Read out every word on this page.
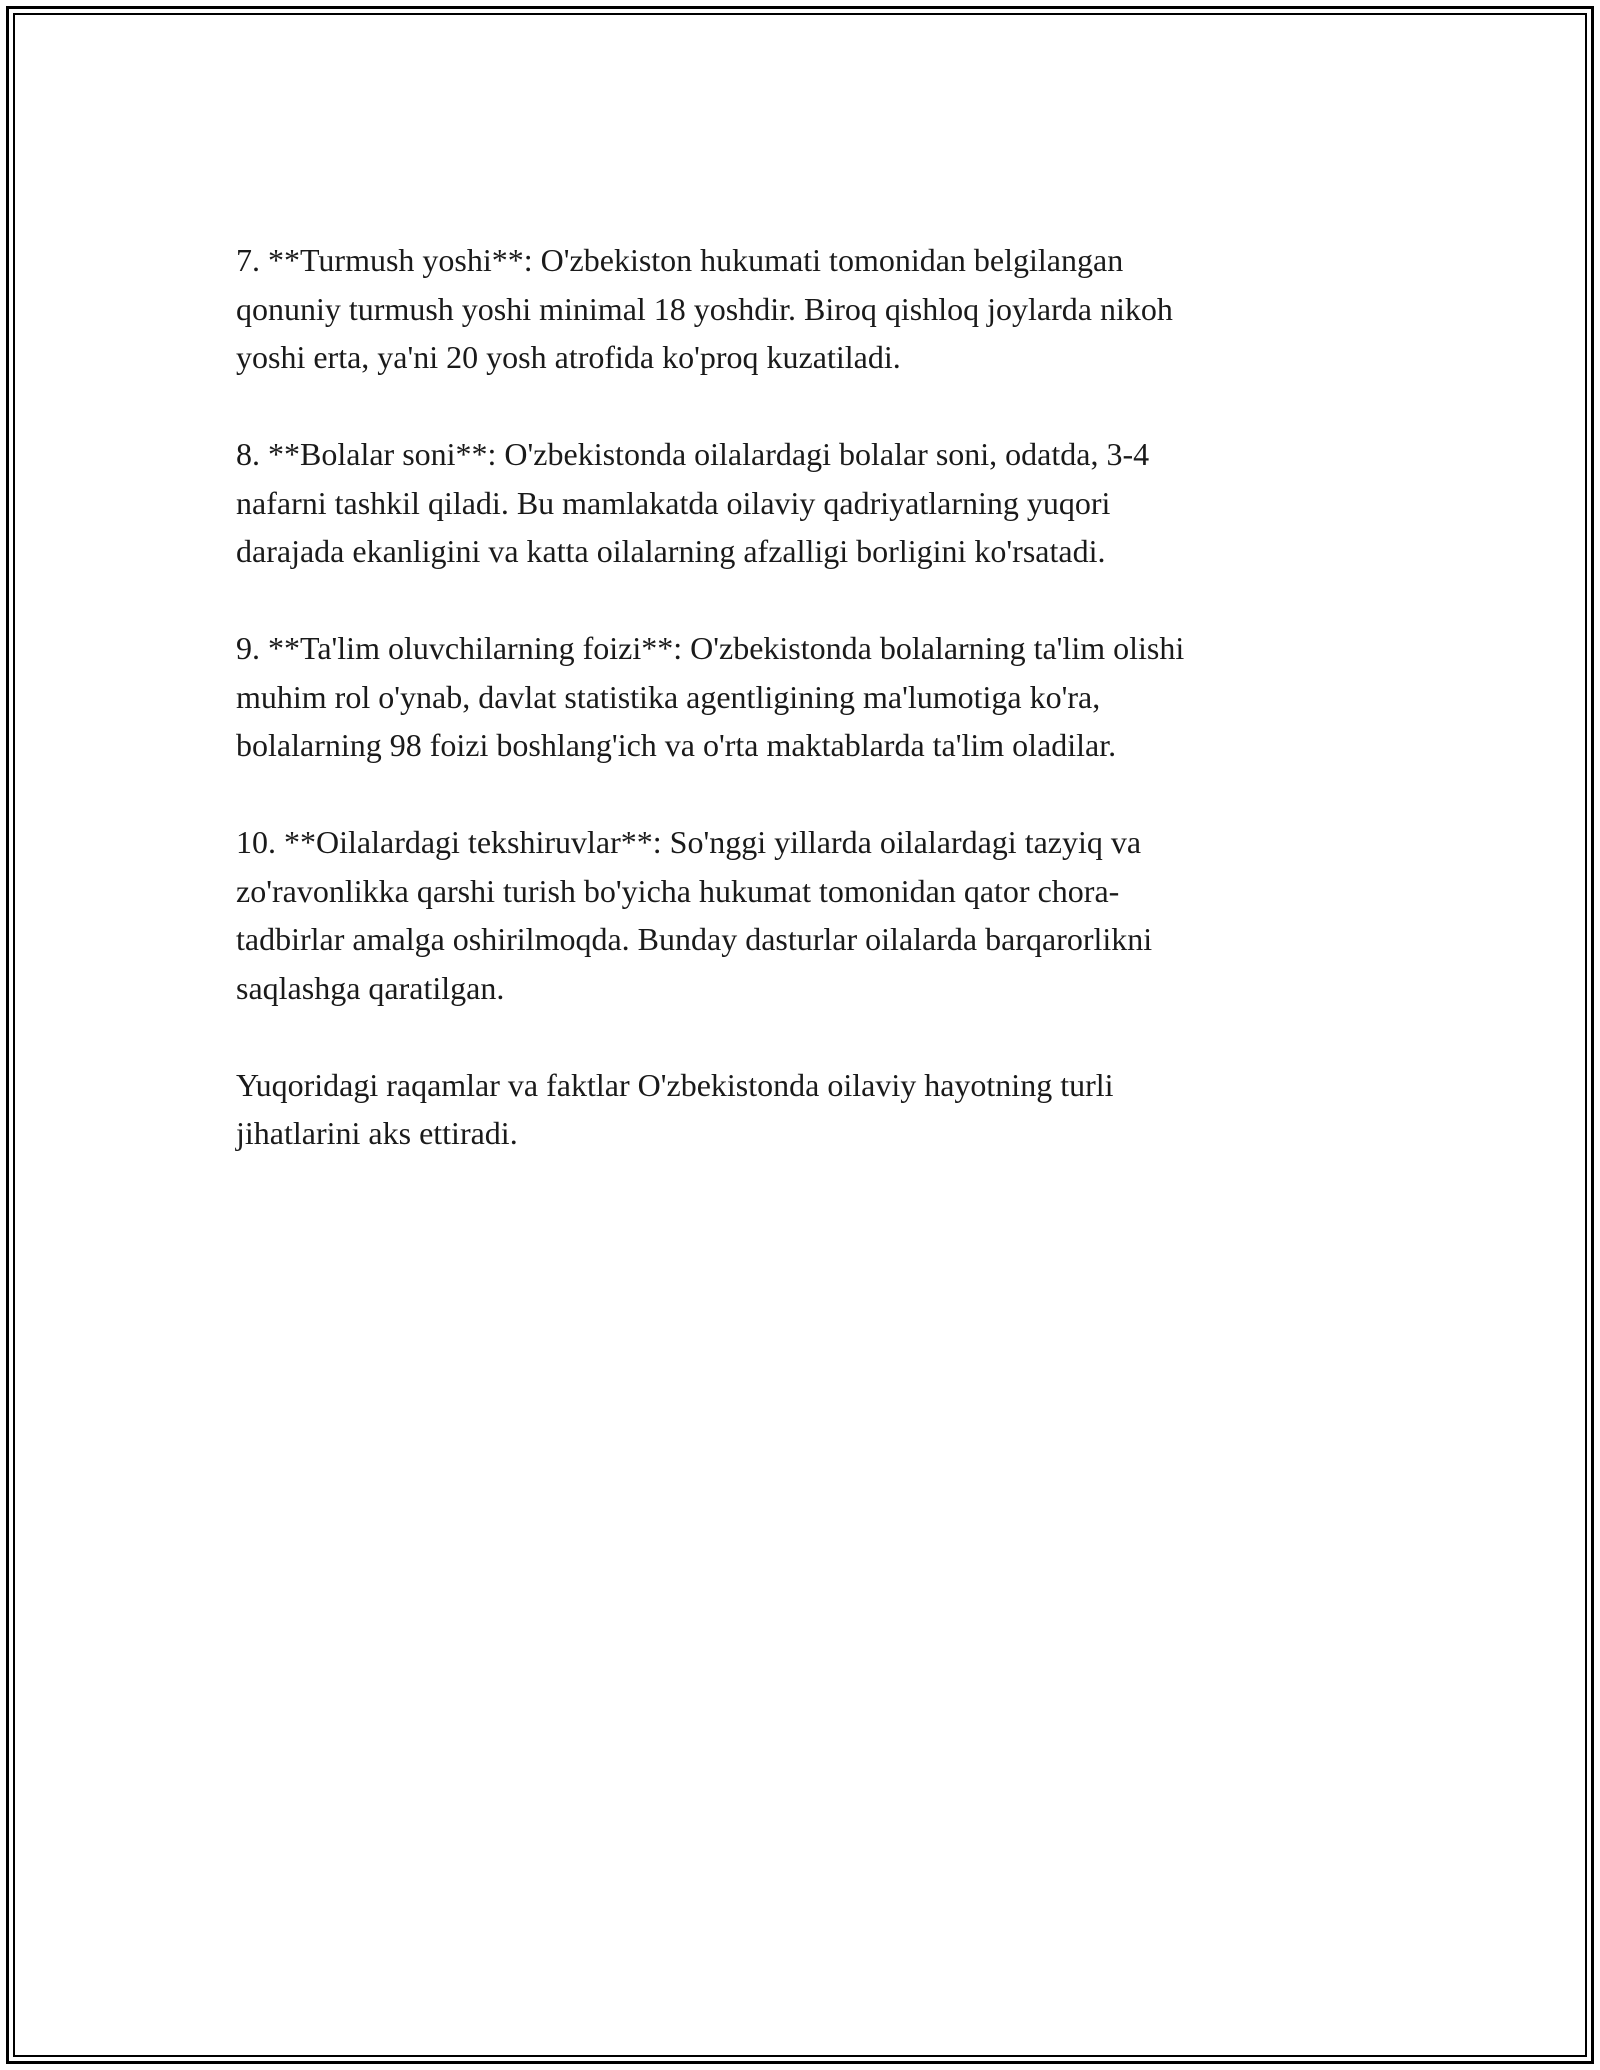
7. **Turmush yoshi**: O'zbekiston hukumati tomonidan belgilangan
qonuniy turmush yoshi minimal 18 yoshdir. Biroq qishloq joylarda nikoh
yoshi erta, ya'ni 20 yosh atrofida ko'proq kuzatiladi.

8. **Bolalar soni**: O'zbekistonda oilalardagi bolalar soni, odatda, 3-4
nafarni tashkil qiladi. Bu mamlakatda oilaviy qadriyatlarning yuqori
darajada ekanligini va katta oilalarning afzalligi borligini ko'rsatadi.

9. **Ta'lim oluvchilarning foizi**: O'zbekistonda bolalarning ta'lim olishi
muhim rol o'ynab, davlat statistika agentligining ma'lumotiga ko'ra,
bolalarning 98 foizi boshlang'ich va o'rta maktablarda ta'lim oladilar.

10. **Oilalardagi tekshiruvlar**: So'nggi yillarda oilalardagi tazyiq va
zo'ravonlikka qarshi turish bo'yicha hukumat tomonidan qator chora-
tadbirlar amalga oshirilmoqda. Bunday dasturlar oilalarda barqarorlikni
saqlashga qaratilgan.

Yuqoridagi raqamlar va faktlar O'zbekistonda oilaviy hayotning turli
jihatlarini aks ettiradi.
